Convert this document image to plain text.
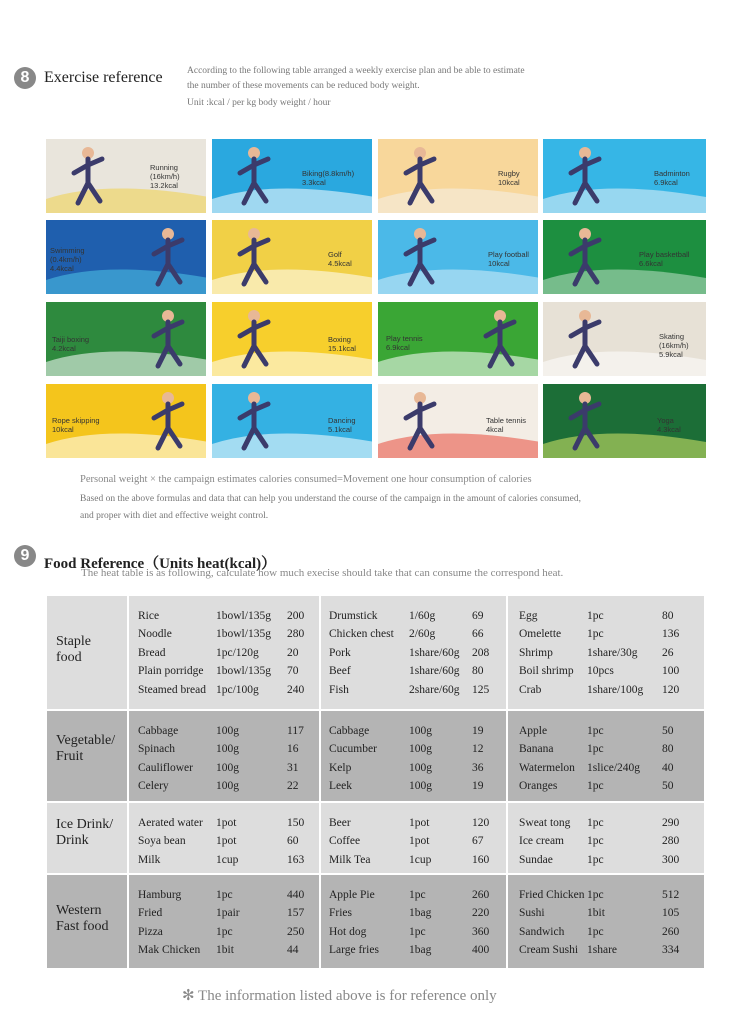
8 Exercise reference	According to the following table arranged a weekly exercise plan and be able to estimate
the number of these movements can be reduced body weight.
Unit :kcal / per kg body weight / hour
Running
(16km/h)
13.2kcal
Biking(8.8km/h)
3.3kcal
Rugby
10kcal
Badminton
6.9kcal
Swimming
(0.4km/h)
4.4kcal
Golf
4.5kcal
Play football
10kcal
Play basketball
6.6kcal
Taiji boxing
4.2kcal
Boxing
15.1kcal
Play tennis
6.9kcal
Skating
(16km/h)
5.9kcal
Rope skipping
10kcal
Dancing
5.1kcal
Table tennis
4kcal
Yoga
4.3kcal
Personal weight × the campaign estimates calories consumed=Movement one hour consumption of calories
Based on the above formulas and data that can help you understand the course of the campaign in the amount of calories consumed,
and proper with diet and effective weight control.
9
Food Reference（Units heat(kcal)）
The heat table is as following, calculate how much execise should take that can consume the correspond heat.
Staple
food
Rice	1bowl/135g 200
Noodle	1bowl/135g 280
Bread	1pc/120g 20
Plain porridge 1bowl/135g 70
Steamed bread 1pc/100g 240
Drumstick	1/60g	69
Chicken chest 2/60g	66
Pork	1share/60g 208
Beef	1share/60g 80
Fish	2share/60g 125
Egg	1pc	80
Omelette 1pc	136
Shrimp	1share/30g 26
Boil shrimp 10pcs	100
Crab	1share/100g 120
Vegetable/
Fruit
Cabbage	100g	117
Spinach	100g	16
Cauliflower 100g	31
Celery	100g	22
Cabbage	100g	19
Cucumber	100g	12
Kelp	100g	36
Leek	100g	19
Apple	1pc	50
Banana	1pc	80
Watermelon 1slice/240g 40
Oranges	1pc	50
Ice Drink/
Drink
Aerated water 1pot	150
Soya bean	1pot	60
Milk	1cup	163
Beer	1pot	120
Coffee	1pot	67
Milk Tea	1cup	160
Sweat tong 1pc	290
Ice cream 1pc	280
Sundae	1pc	300
Western
Fast food
Hamburg	1pc	440
Fried	1pair	157
Pizza	1pc	250
Mak Chicken 1bit	44
Apple Pie	1pc	260
Fries	1bag	220
Hot dog	1pc	360
Large fries	1bag	400
Fried Chicken 1pc	512
Sushi	1bit	105
Sandwich 1pc	260
Cream Sushi 1share	334
✻ The information listed above is for reference only
